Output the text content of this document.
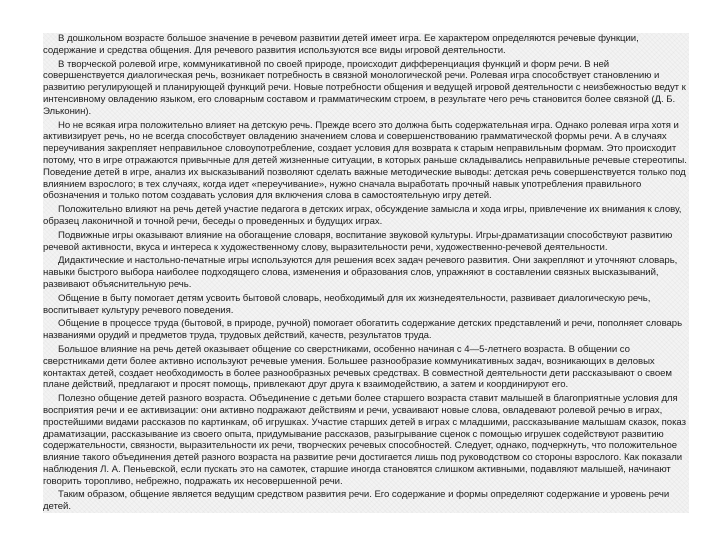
В дошкольном возрасте большое значение в речевом развитии детей имеет игра. Ее характером определяются речевые функции, содержание и средства общения. Для речевого развития используются все виды игровой деятельности.

В творческой ролевой игре, коммуникативной по своей природе, происходит дифференциация функций и форм речи. В ней совершенствуется диалогическая речь, возникает потребность в связной монологической речи. Ролевая игра способствует становлению и развитию регулирующей и планирующей функций речи. Новые потребности общения и ведущей игровой деятельности с неизбежностью ведут к интенсивному овладению языком, его словарным составом и грамматическим строем, в результате чего речь становится более связной (Д. Б. Эльконин).

Но не всякая игра положительно влияет на детскую речь. Прежде всего это должна быть содержательная игра. Однако ролевая игра хотя и активизирует речь, но не всегда способствует овладению значением слова и совершенствованию грамматической формы речи. А в случаях переучивания закрепляет неправильное словоупотребление, создает условия для возврата к старым неправильным формам. Это происходит потому, что в игре отражаются привычные для детей жизненные ситуации, в которых раньше складывались неправильные речевые стереотипы. Поведение детей в игре, анализ их высказываний позволяют сделать важные методические выводы: детская речь совершенствуется только под влиянием взрослого; в тех случаях, когда идет «переучивание», нужно сначала выработать прочный навык употребления правильного обозначения и только потом создавать условия для включения слова в самостоятельную игру детей.

Положительно влияют на речь детей участие педагога в детских играх, обсуждение замысла и хода игры, привлечение их внимания к слову, образец лаконичной и точной речи, беседы о проведенных и будущих играх.

Подвижные игры оказывают влияние на обогащение словаря, воспитание звуковой культуры. Игры-драматизации способствуют развитию речевой активности, вкуса и интереса к художественному слову, выразительности речи, художественно-речевой деятельности.

Дидактические и настольно-печатные игры используются для решения всех задач речевого развития. Они закрепляют и уточняют словарь, навыки быстрого выбора наиболее подходящего слова, изменения и образования слов, упражняют в составлении связных высказываний, развивают объяснительную речь.

Общение в быту помогает детям усвоить бытовой словарь, необходимый для их жизнедеятельности, развивает диалогическую речь, воспитывает культуру речевого поведения.

Общение в процессе труда (бытовой, в природе, ручной) помогает обогатить содержание детских представлений и речи, пополняет словарь названиями орудий и предметов труда, трудовых действий, качеств, результатов труда.

Большое влияние на речь детей оказывает общение со сверстниками, особенно начиная с 4—5-летнего возраста. В общении со сверстниками дети более активно используют речевые умения. Большее разнообразие коммуникативных задач, возникающих в деловых контактах детей, создает необходимость в более разнообразных речевых средствах. В совместной деятельности дети рассказывают о своем плане действий, предлагают и просят помощь, привлекают друг друга к взаимодействию, а затем и координируют его.

Полезно общение детей разного возраста. Объединение с детьми более старшего возраста ставит малышей в благоприятные условия для восприятия речи и ее активизации: они активно подражают действиям и речи, усваивают новые слова, овладевают ролевой речью в играх, простейшими видами рассказов по картинкам, об игрушках. Участие старших детей в играх с младшими, рассказывание малышам сказок, показ драматизации, рассказывание из своего опыта, придумывание рассказов, разыгрывание сценок с помощью игрушек содействуют развитию содержательности, связности, выразительности их речи, творческих речевых способностей. Следует, однако, подчеркнуть, что положительное влияние такого объединения детей разного возраста на развитие речи достигается лишь под руководством со стороны взрослого. Как показали наблюдения Л. А. Пеньевской, если пускать это на самотек, старшие иногда становятся слишком активными, подавляют малышей, начинают говорить торопливо, небрежно, подражать их несовершенной речи.

Таким образом, общение является ведущим средством развития речи. Его содержание и формы определяют содержание и уровень речи детей.
